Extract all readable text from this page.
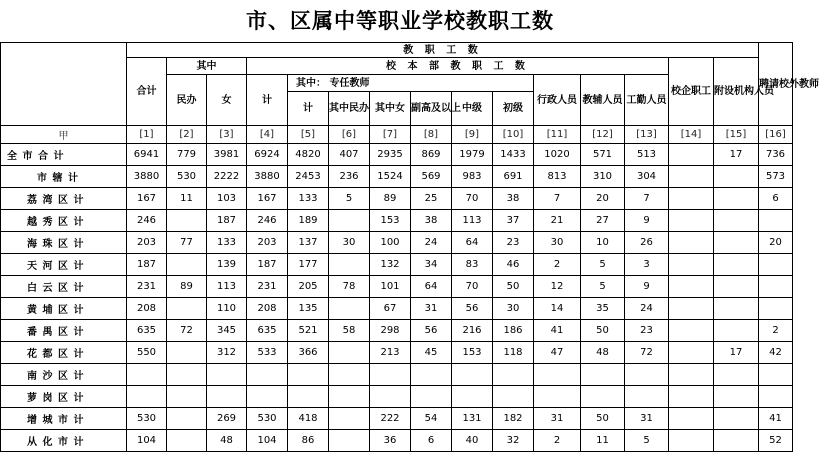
市、区属中等职业学校教职工数
	教 职 工 数															聘请校外教师
	合计	其中		校 本 部 教 职 工 数										校企职工	附设机构人员	
		民办	女	计	其中： 专任教师						行政人员	教辅人员	工勤人员			
					计	其中民办	其中女	副高及以上	中级	初级						
甲	[1]	[2]	[3]	[4]	[5]	[6]	[7]	[8]	[9]	[10]	[11]	[12]	[13]	[14]	[15]	[16]
全 市 合 计	6941	779	3981	6924	4820	407	2935	869	1979	1433	1020	571	513		17	736
市 辖 计	3880	530	2222	3880	2453	236	1524	569	983	691	813	310	304			573
荔 湾 区 计	167	11	103	167	133	5	89	25	70	38	7	20	7			6
越 秀 区 计	246		187	246	189		153	38	113	37	21	27	9			
海 珠 区 计	203	77	133	203	137	30	100	24	64	23	30	10	26			20
天 河 区 计	187		139	187	177		132	34	83	46	2	5	3			
白 云 区 计	231	89	113	231	205	78	101	64	70	50	12	5	9			
黄 埔 区 计	208		110	208	135		67	31	56	30	14	35	24			
番 禺 区 计	635	72	345	635	521	58	298	56	216	186	41	50	23			2
花 都 区 计	550		312	533	366		213	45	153	118	47	48	72		17	42
南 沙 区 计																
萝 岗 区 计																
增 城 市 计	530		269	530	418		222	54	131	182	31	50	31			41
从 化 市 计	104		48	104	86		36	6	40	32	2	11	5			52
